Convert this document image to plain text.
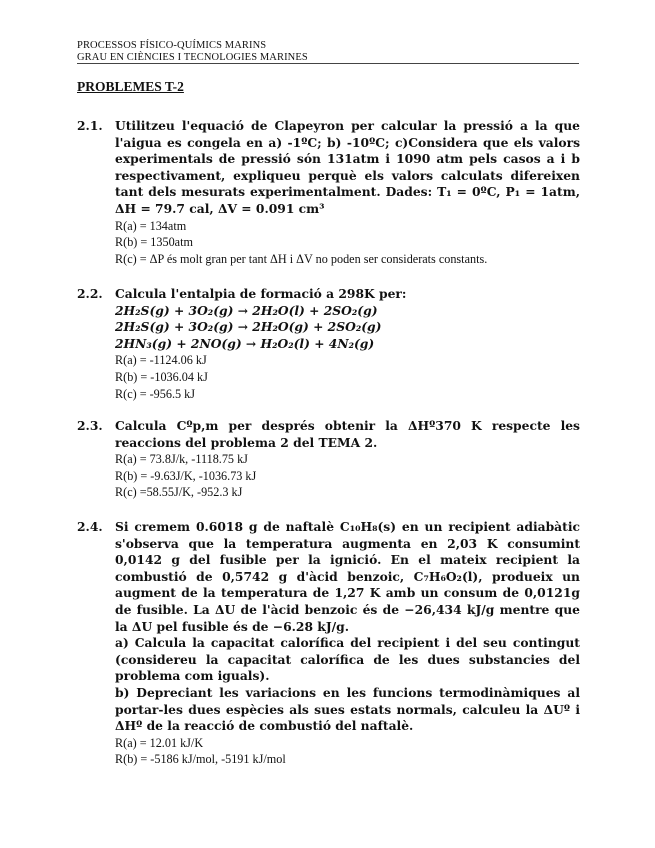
PROCESSOS FÍSICO-QUÍMICS MARINS
GRAU EN CIÈNCIES I TECNOLOGIES MARINES
PROBLEMES T-2
2.1. Utilitzeu l'equació de Clapeyron per calcular la pressió a la que l'aigua es congela en a) -1ºC; b) -10ºC; c)Considera que els valors experimentals de pressió són 131atm i 1090 atm pels casos a i b respectivament, expliqueu perquè els valors calculats difereixen tant dels mesurats experimentalment. Dades: T₁ = 0ºC, P₁ = 1atm, ΔH = 79.7 cal, ΔV = 0.091 cm³
R(a) = 134atm
R(b) = 1350atm
R(c) = ΔP és molt gran per tant ΔH i ΔV no poden ser considerats constants.
2.2. Calcula l'entalpia de formació a 298K per:
2H₂S(g) + 3O₂(g) → 2H₂O(l) + 2SO₂(g)
2H₂S(g) + 3O₂(g) → 2H₂O(g) + 2SO₂(g)
2HN₃(g) + 2NO(g) → H₂O₂(l) + 4N₂(g)
R(a) = -1124.06 kJ
R(b) = -1036.04 kJ
R(c) = -956.5 kJ
2.3. Calcula Cºp,m per després obtenir la ΔHº370 K respecte les reaccions del problema 2 del TEMA 2.
R(a) = 73.8J/k, -1118.75 kJ
R(b) = -9.63J/K, -1036.73 kJ
R(c) =58.55J/K, -952.3 kJ
2.4. Si cremem 0.6018 g de naftalè C₁₀H₈(s) en un recipient adiabàtic s'observa que la temperatura augmenta en 2,03 K consumint 0,0142 g del fusible per la ignició. En el mateix recipient la combustió de 0,5742 g d'àcid benzoic, C₇H₆O₂(l), produeix un augment de la temperatura de 1,27 K amb un consum de 0,0121g de fusible. La ΔU de l'àcid benzoic és de −26,434 kJ/g mentre que la ΔU pel fusible és de −6.28 kJ/g.
a) Calcula la capacitat calorífica del recipient i del seu contingut (considereu la capacitat calorífica de les dues substancies del problema com iguals).
b) Depreciant les variacions en les funcions termodinàmiques al portar-les dues espècies als sues estats normals, calculeu la ΔUº i ΔHº de la reacció de combustió del naftalè.
R(a) = 12.01 kJ/K
R(b) = -5186 kJ/mol, -5191 kJ/mol
